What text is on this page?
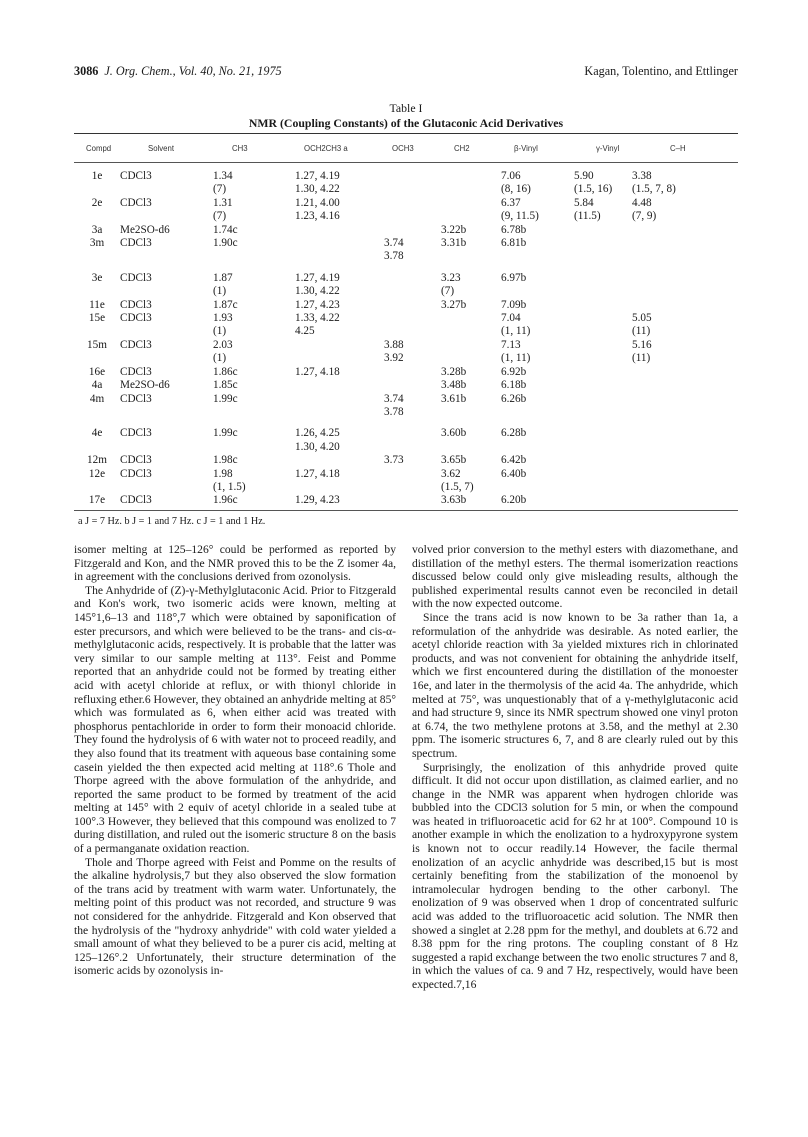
3086 J. Org. Chem., Vol. 40, No. 21, 1975	Kagan, Tolentino, and Ettlinger
Table I
NMR (Coupling Constants) of the Glutaconic Acid Derivatives
Compd	Solvent	CH3	OCH2CH3 a	OCH3	CH2	β-Vinyl	γ-Vinyl	C–H
1e	CDCl3	1.34	1.27, 4.19			7.06	5.90	3.38
		(7)	1.30, 4.22			(8, 16)	(1.5, 16)	(1.5, 7, 8)
2e	CDCl3	1.31	1.21, 4.00			6.37	5.84	4.48
		(7)	1.23, 4.16			(9, 11.5)	(11.5)	(7, 9)
3a	Me2SO-d6	1.74c			3.22b	6.78b		
3m	CDCl3	1.90c		3.74	3.31b	6.81b		
				3.78				

3e	CDCl3	1.87	1.27, 4.19		3.23	6.97b		
		(1)	1.30, 4.22		(7)			
11e	CDCl3	1.87c	1.27, 4.23		3.27b	7.09b		
15e	CDCl3	1.93	1.33, 4.22			7.04		5.05
		(1)	4.25			(1, 11)		(11)
15m	CDCl3	2.03		3.88		7.13		5.16
		(1)		3.92		(1, 11)		(11)
16e	CDCl3	1.86c	1.27, 4.18		3.28b	6.92b		
4a	Me2SO-d6	1.85c			3.48b	6.18b		
4m	CDCl3	1.99c		3.74	3.61b	6.26b		
				3.78				

4e	CDCl3	1.99c	1.26, 4.25		3.60b	6.28b		
			1.30, 4.20					
12m	CDCl3	1.98c		3.73	3.65b	6.42b		
12e	CDCl3	1.98	1.27, 4.18		3.62	6.40b		
		(1, 1.5)			(1.5, 7)			
17e	CDCl3	1.96c	1.29, 4.23		3.63b	6.20b		
a J = 7 Hz. b J = 1 and 7 Hz. c J = 1 and 1 Hz.

isomer melting at 125–126° could be performed as reported by Fitzgerald and Kon, and the NMR proved this to be the Z isomer 4a, in agreement with the conclusions derived from ozonolysis.

The Anhydride of (Z)-γ-Methylglutaconic Acid. Prior to Fitzgerald and Kon's work, two isomeric acids were known, melting at 145°1,6–13 and 118°,7 which were obtained by saponification of ester precursors, and which were believed to be the trans- and cis-α-methylglutaconic acids, respectively. It is probable that the latter was very similar to our sample melting at 113°. Feist and Pomme reported that an anhydride could not be formed by treating either acid with acetyl chloride at reflux, or with thionyl chloride in refluxing ether.6 However, they obtained an anhydride melting at 85° which was formulated as 6, when either acid was treated with phosphorus pentachloride in order to form their monoacid chloride. They found the hydrolysis of 6 with water not to proceed readily, and they also found that its treatment with aqueous base containing some casein yielded the then expected acid melting at 118°.6 Thole and Thorpe agreed with the above formulation of the anhydride, and reported the same product to be formed by treatment of the acid melting at 145° with 2 equiv of acetyl chloride in a sealed tube at 100°.3 However, they believed that this compound was enolized to 7 during distillation, and ruled out the isomeric structure 8 on the basis of a permanganate oxidation reaction.

Thole and Thorpe agreed with Feist and Pomme on the results of the alkaline hydrolysis,7 but they also observed the slow formation of the trans acid by treatment with warm water. Unfortunately, the melting point of this product was not recorded, and structure 9 was not considered for the anhydride. Fitzgerald and Kon observed that the hydrolysis of the "hydroxy anhydride" with cold water yielded a small amount of what they believed to be a purer cis acid, melting at 125–126°.2 Unfortunately, their structure determination of the isomeric acids by ozonolysis in-

volved prior conversion to the methyl esters with diazomethane, and distillation of the methyl esters. The thermal isomerization reactions discussed below could only give misleading results, although the published experimental results cannot even be reconciled in detail with the now expected outcome.

Since the trans acid is now known to be 3a rather than 1a, a reformulation of the anhydride was desirable. As noted earlier, the acetyl chloride reaction with 3a yielded mixtures rich in chlorinated products, and was not convenient for obtaining the anhydride itself, which we first encountered during the distillation of the monoester 16e, and later in the thermolysis of the acid 4a. The anhydride, which melted at 75°, was unquestionably that of a γ-methylglutaconic acid and had structure 9, since its NMR spectrum showed one vinyl proton at 6.74, the two methylene protons at 3.58, and the methyl at 2.30 ppm. The isomeric structures 6, 7, and 8 are clearly ruled out by this spectrum.

Surprisingly, the enolization of this anhydride proved quite difficult. It did not occur upon distillation, as claimed earlier, and no change in the NMR was apparent when hydrogen chloride was bubbled into the CDCl3 solution for 5 min, or when the compound was heated in trifluoroacetic acid for 62 hr at 100°. Compound 10 is another example in which the enolization to a hydroxypyrone system is known not to occur readily.14 However, the facile thermal enolization of an acyclic anhydride was described,15 but is most certainly benefiting from the stabilization of the monoenol by intramolecular hydrogen bending to the other carbonyl. The enolization of 9 was observed when 1 drop of concentrated sulfuric acid was added to the trifluoroacetic acid solution. The NMR then showed a singlet at 2.28 ppm for the methyl, and doublets at 6.72 and 8.38 ppm for the ring protons. The coupling constant of 8 Hz suggested a rapid exchange between the two enolic structures 7 and 8, in which the values of ca. 9 and 7 Hz, respectively, would have been expected.7,16
